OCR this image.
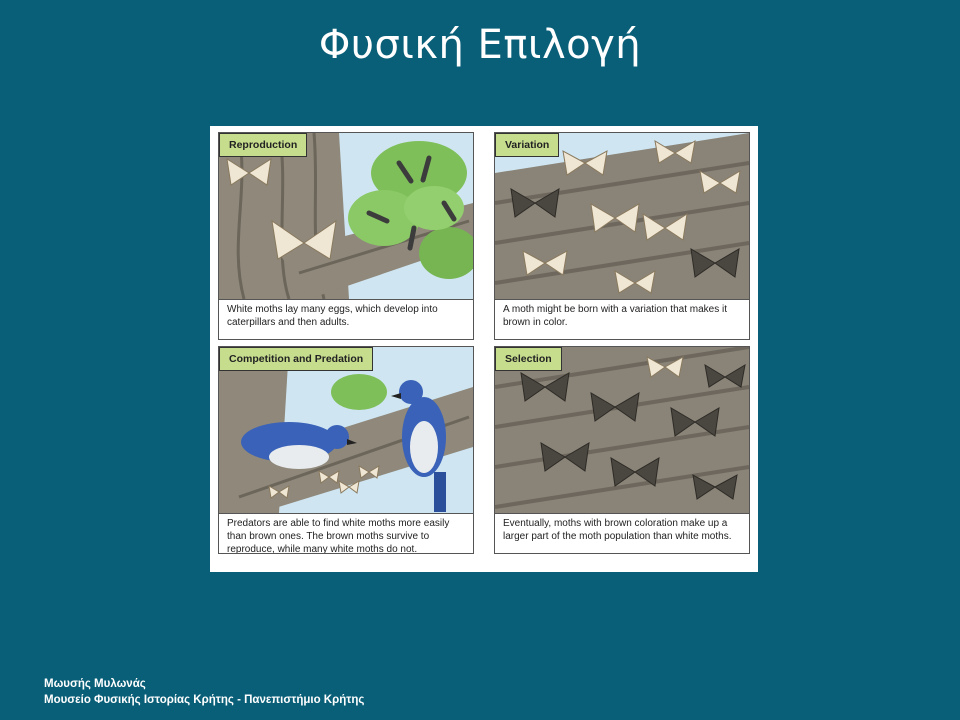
Φυσική Επιλογή
Reproduction
White moths lay many eggs, which develop into caterpillars and then adults.
Variation
A moth might be born with a variation that makes it brown in color.
Competition and Predation
Predators are able to find white moths more easily than brown ones. The brown moths survive to reproduce, while many white moths do not.
Selection
Eventually, moths with brown coloration make up a larger part of the moth population than white moths.
Μωυσής Μυλωνάς
Μουσείο Φυσικής Ιστορίας Κρήτης - Πανεπιστήμιο Κρήτης
